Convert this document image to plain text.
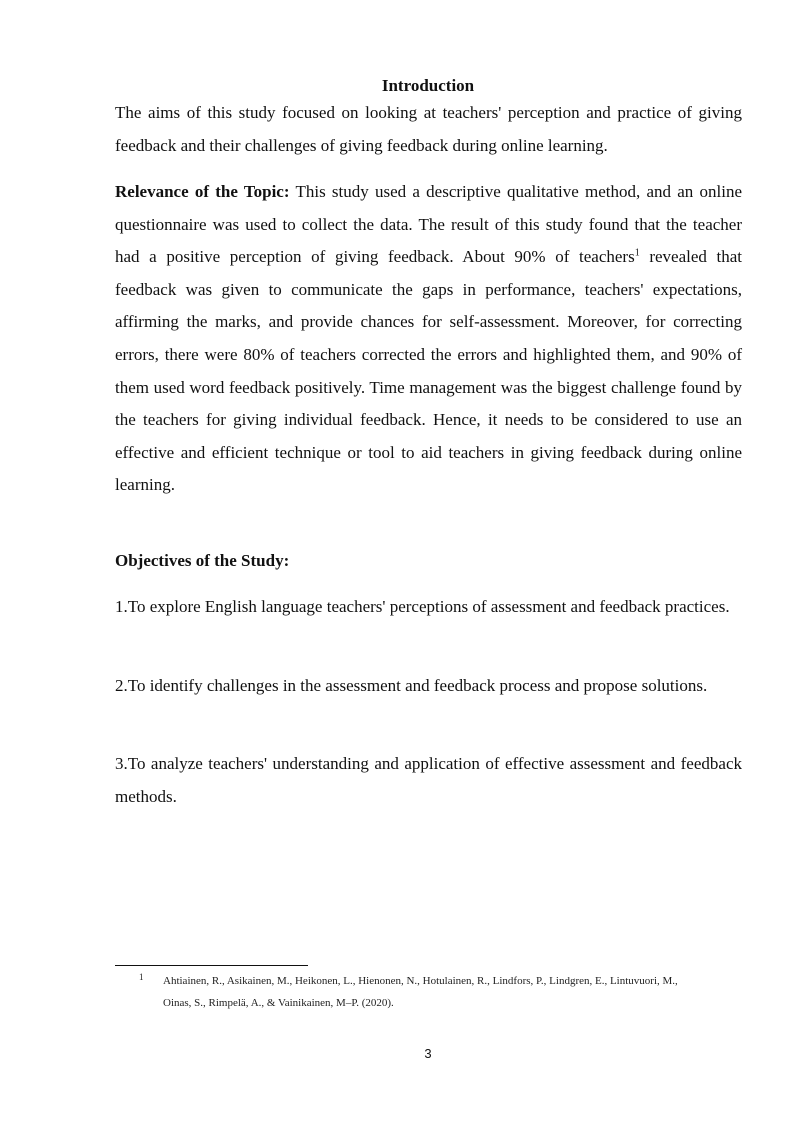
Introduction
The aims of this study focused on looking at teachers' perception and practice of giving feedback and their challenges of giving feedback during online learning.
Relevance of the Topic: This study used a descriptive qualitative method, and an online questionnaire was used to collect the data. The result of this study found that the teacher had a positive perception of giving feedback. About 90% of teachers$^1$ revealed that feedback was given to communicate the gaps in performance, teachers' expectations, affirming the marks, and provide chances for self-assessment. Moreover, for correcting errors, there were 80% of teachers corrected the errors and highlighted them, and 90% of them used word feedback positively. Time management was the biggest challenge found by the teachers for giving individual feedback. Hence, it needs to be considered to use an effective and efficient technique or tool to aid teachers in giving feedback during online learning.
Objectives of the Study:
1.To explore English language teachers' perceptions of assessment and feedback practices.
2.To identify challenges in the assessment and feedback process and propose solutions.
3.To analyze teachers' understanding and application of effective assessment and feedback methods.
1 Ahtiainen, R., Asikainen, M., Heikonen, L., Hienonen, N., Hotulainen, R., Lindfors, P., Lindgren, E., Lintuvuori, M.,
Oinas, S., Rimpelä, A., & Vainikainen, M–P. (2020).
3
